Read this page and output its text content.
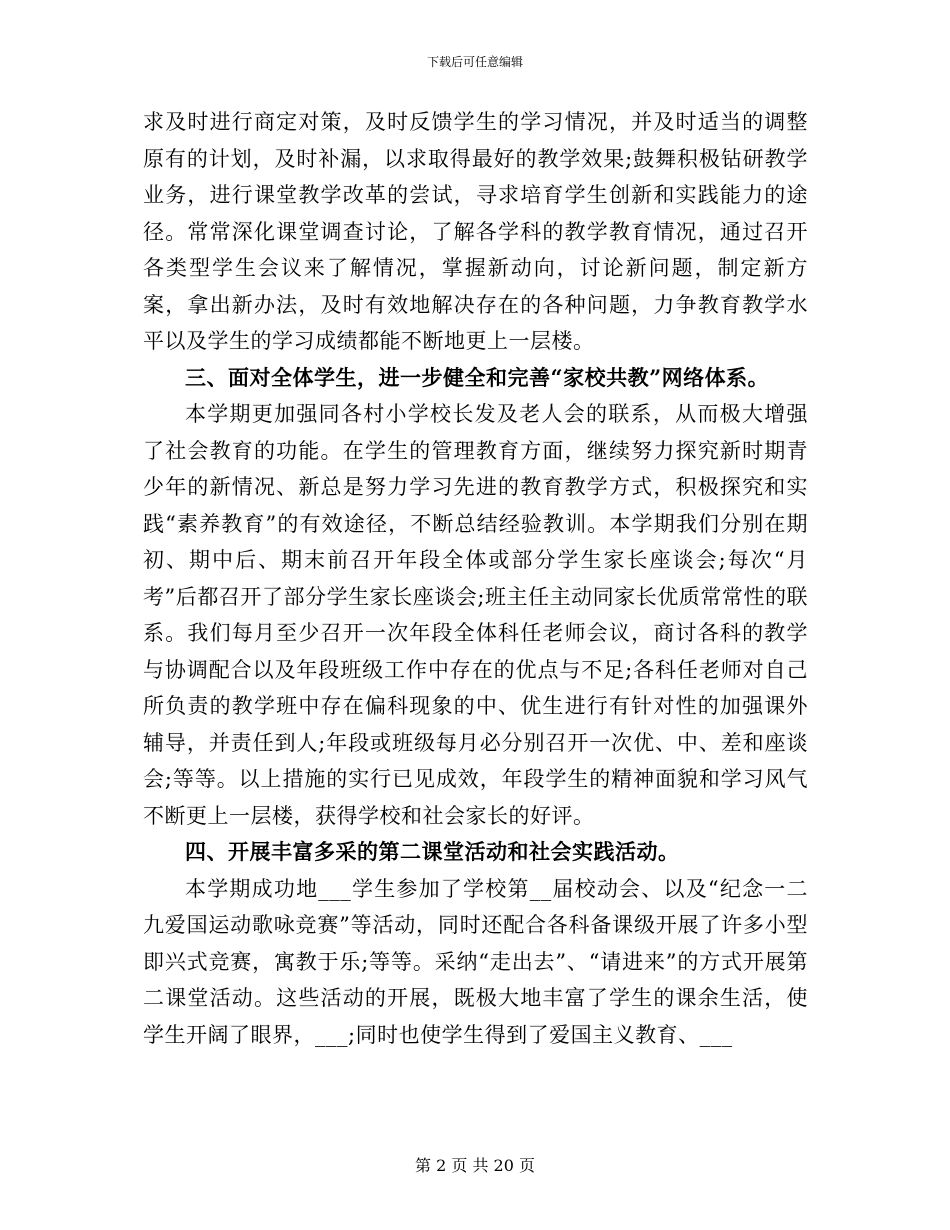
下载后可任意编辑

求及时进行商定对策，及时反馈学生的学习情况，并及时适当的调整原有的计划，及时补漏，以求取得最好的教学效果;鼓舞积极钻研教学业务，进行课堂教学改革的尝试，寻求培育学生创新和实践能力的途径。常常深化课堂调查讨论，了解各学科的教学教育情况，通过召开各类型学生会议来了解情况，掌握新动向，讨论新问题，制定新方案，拿出新办法，及时有效地解决存在的各种问题，力争教育教学水平以及学生的学习成绩都能不断地更上一层楼。

三、面对全体学生，进一步健全和完善“家校共教”网络体系。

本学期更加强同各村小学校长发及老人会的联系，从而极大增强了社会教育的功能。在学生的管理教育方面，继续努力探究新时期青少年的新情况、新总是努力学习先进的教育教学方式，积极探究和实践“素养教育”的有效途径，不断总结经验教训。本学期我们分别在期初、期中后、期末前召开年段全体或部分学生家长座谈会;每次“月考”后都召开了部分学生家长座谈会;班主任主动同家长优质常常性的联系。我们每月至少召开一次年段全体科任老师会议，商讨各科的教学与协调配合以及年段班级工作中存在的优点与不足;各科任老师对自己所负责的教学班中存在偏科现象的中、优生进行有针对性的加强课外辅导，并责任到人;年段或班级每月必分别召开一次优、中、差和座谈会;等等。以上措施的实行已见成效，年段学生的精神面貌和学习风气不断更上一层楼，获得学校和社会家长的好评。

四、开展丰富多采的第二课堂活动和社会实践活动。

本学期成功地___学生参加了学校第__届校动会、以及“纪念一二九爱国运动歌咏竞赛”等活动，同时还配合各科备课级开展了许多小型即兴式竞赛，寓教于乐;等等。采纳“走出去”、“请进来”的方式开展第二课堂活动。这些活动的开展，既极大地丰富了学生的课余生活，使学生开阔了眼界，___;同时也使学生得到了爱国主义教育、___

第 2 页 共 20 页
